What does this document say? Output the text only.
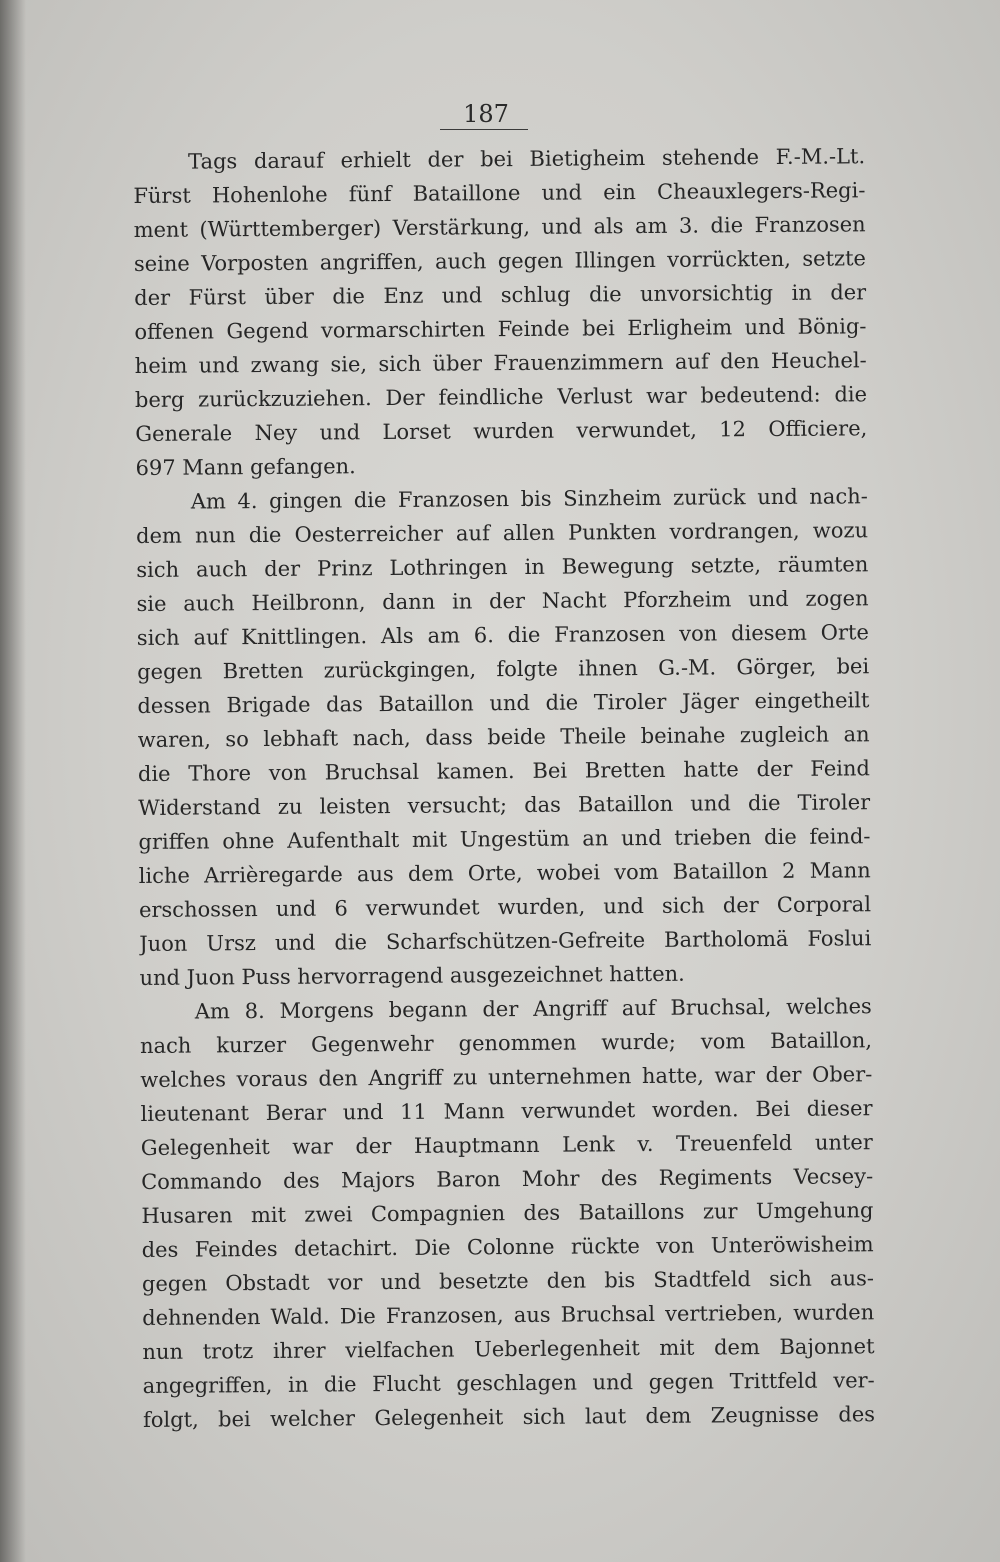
187
Tags darauf erhielt der bei Bietigheim stehende F.-M.-Lt.
Fürst Hohenlohe fünf Bataillone und ein Cheauxlegers-Regi-
ment (Württemberger) Verstärkung, und als am 3. die Franzosen
seine Vorposten angriffen, auch gegen Illingen vorrückten, setzte
der Fürst über die Enz und schlug die unvorsichtig in der
offenen Gegend vormarschirten Feinde bei Erligheim und Bönig-
heim und zwang sie, sich über Frauenzimmern auf den Heuchel-
berg zurückzuziehen. Der feindliche Verlust war bedeutend: die
Generale Ney und Lorset wurden verwundet, 12 Officiere,
697 Mann gefangen.
Am 4. gingen die Franzosen bis Sinzheim zurück und nach-
dem nun die Oesterreicher auf allen Punkten vordrangen, wozu
sich auch der Prinz Lothringen in Bewegung setzte, räumten
sie auch Heilbronn, dann in der Nacht Pforzheim und zogen
sich auf Knittlingen. Als am 6. die Franzosen von diesem Orte
gegen Bretten zurückgingen, folgte ihnen G.-M. Görger, bei
dessen Brigade das Bataillon und die Tiroler Jäger eingetheilt
waren, so lebhaft nach, dass beide Theile beinahe zugleich an
die Thore von Bruchsal kamen. Bei Bretten hatte der Feind
Widerstand zu leisten versucht; das Bataillon und die Tiroler
griffen ohne Aufenthalt mit Ungestüm an und trieben die feind-
liche Arrièregarde aus dem Orte, wobei vom Bataillon 2 Mann
erschossen und 6 verwundet wurden, und sich der Corporal
Juon Ursz und die Scharfschützen-Gefreite Bartholomä Foslui
und Juon Puss hervorragend ausgezeichnet hatten.
Am 8. Morgens begann der Angriff auf Bruchsal, welches
nach kurzer Gegenwehr genommen wurde; vom Bataillon,
welches voraus den Angriff zu unternehmen hatte, war der Ober-
lieutenant Berar und 11 Mann verwundet worden. Bei dieser
Gelegenheit war der Hauptmann Lenk v. Treuenfeld unter
Commando des Majors Baron Mohr des Regiments Vecsey-
Husaren mit zwei Compagnien des Bataillons zur Umgehung
des Feindes detachirt. Die Colonne rückte von Unteröwisheim
gegen Obstadt vor und besetzte den bis Stadtfeld sich aus-
dehnenden Wald. Die Franzosen, aus Bruchsal vertrieben, wurden
nun trotz ihrer vielfachen Ueberlegenheit mit dem Bajonnet
angegriffen, in die Flucht geschlagen und gegen Trittfeld ver-
folgt, bei welcher Gelegenheit sich laut dem Zeugnisse des
